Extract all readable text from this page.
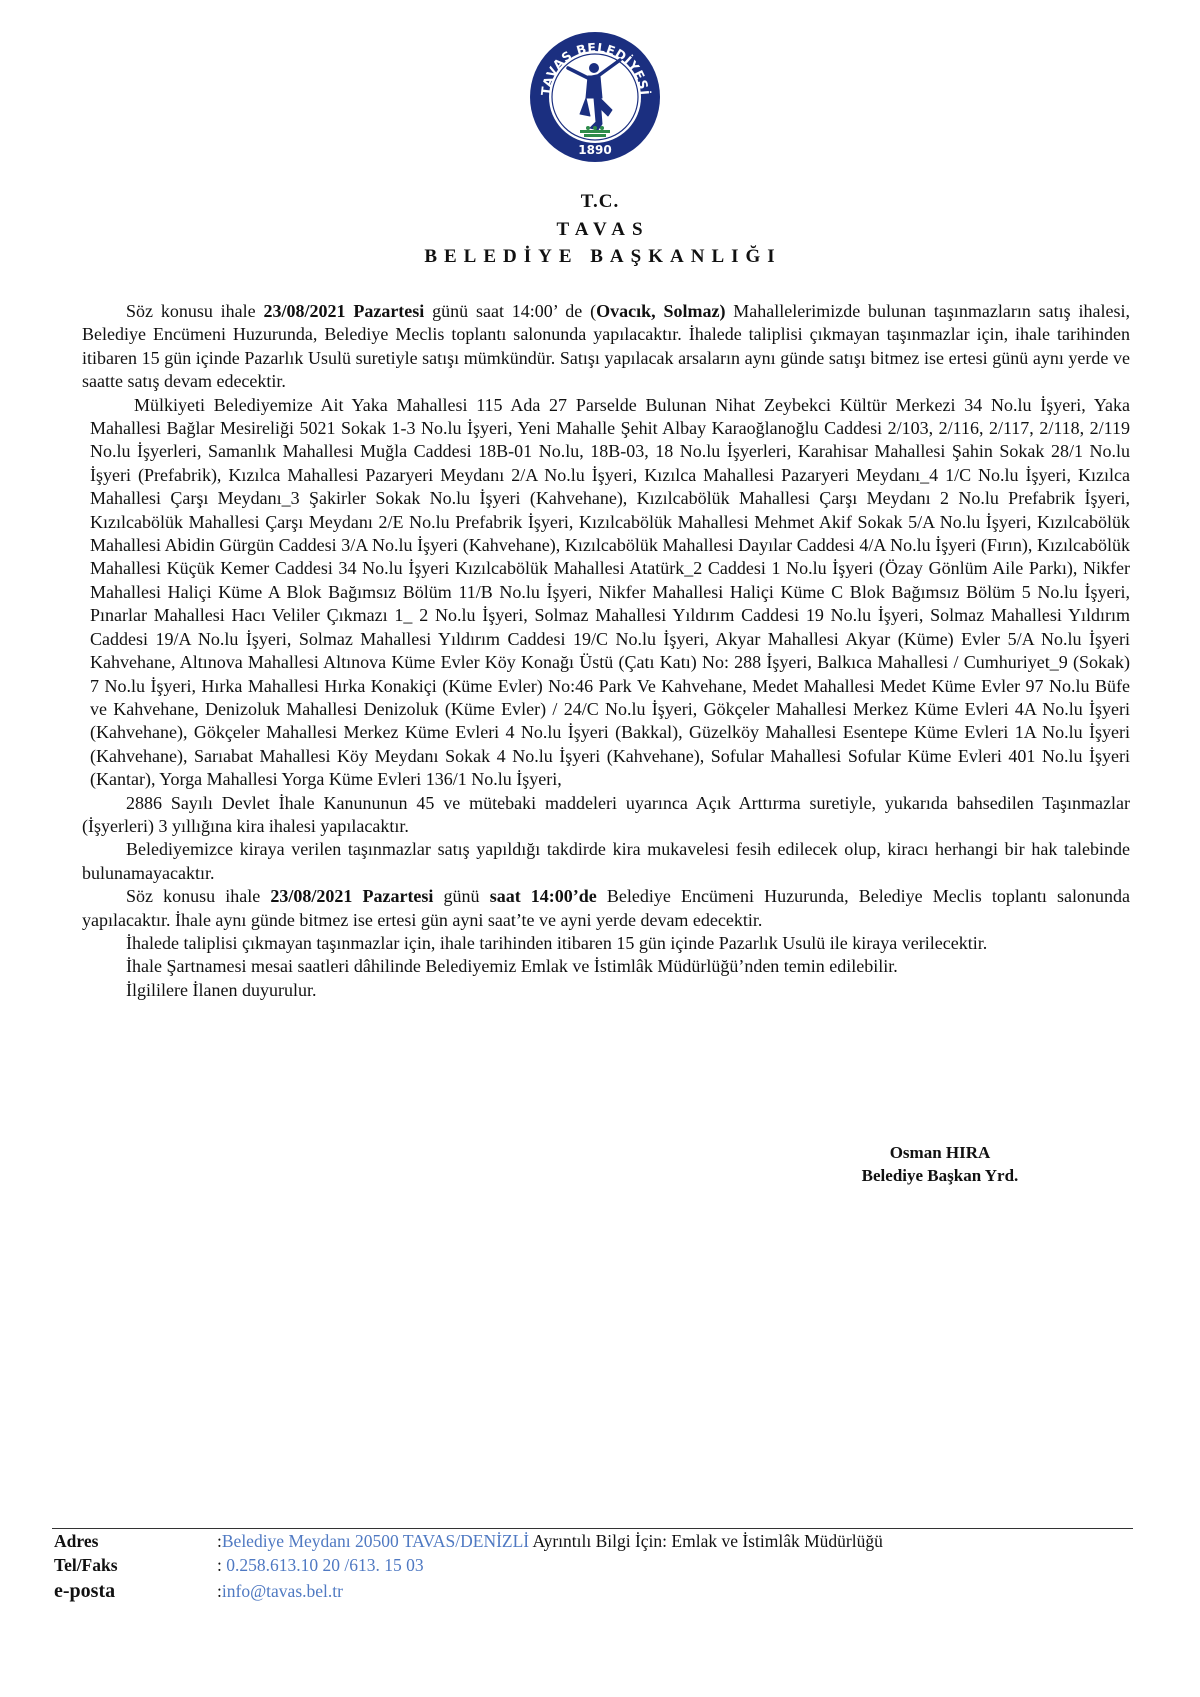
TAVAS BELEDİYESİ
1890
T.C.
TAVAS
BELEDİYE BAŞKANLIĞI

Söz konusu ihale 23/08/2021 Pazartesi günü saat 14:00’ de (Ovacık, Solmaz) Mahallelerimizde bulunan taşınmazların satış ihalesi, Belediye Encümeni Huzurunda, Belediye Meclis toplantı salonunda yapılacaktır. İhalede taliplisi çıkmayan taşınmazlar için, ihale tarihinden itibaren 15 gün içinde Pazarlık Usulü suretiyle satışı mümkündür. Satışı yapılacak arsaların aynı günde satışı bitmez ise ertesi günü aynı yerde ve saatte satış devam edecektir.

Mülkiyeti Belediyemize Ait Yaka Mahallesi 115 Ada 27 Parselde Bulunan Nihat Zeybekci Kültür Merkezi 34 No.lu İşyeri, Yaka Mahallesi Bağlar Mesireliği 5021 Sokak 1-3 No.lu İşyeri, Yeni Mahalle Şehit Albay Karaoğlanoğlu Caddesi 2/103, 2/116, 2/117, 2/118, 2/119 No.lu İşyerleri, Samanlık Mahallesi Muğla Caddesi 18B-01 No.lu, 18B-03, 18 No.lu İşyerleri, Karahisar Mahallesi Şahin Sokak 28/1 No.lu İşyeri (Prefabrik), Kızılca Mahallesi Pazaryeri Meydanı 2/A No.lu İşyeri, Kızılca Mahallesi Pazaryeri Meydanı_4 1/C No.lu İşyeri, Kızılca Mahallesi Çarşı Meydanı_3 Şakirler Sokak No.lu İşyeri (Kahvehane), Kızılcabölük Mahallesi Çarşı Meydanı 2 No.lu Prefabrik İşyeri, Kızılcabölük Mahallesi Çarşı Meydanı 2/E No.lu Prefabrik İşyeri, Kızılcabölük Mahallesi Mehmet Akif Sokak 5/A No.lu İşyeri, Kızılcabölük Mahallesi Abidin Gürgün Caddesi 3/A No.lu İşyeri (Kahvehane), Kızılcabölük Mahallesi Dayılar Caddesi 4/A No.lu İşyeri (Fırın), Kızılcabölük Mahallesi Küçük Kemer Caddesi 34 No.lu İşyeri Kızılcabölük Mahallesi Atatürk_2 Caddesi 1 No.lu İşyeri (Özay Gönlüm Aile Parkı), Nikfer Mahallesi Haliçi Küme A Blok Bağımsız Bölüm 11/B No.lu İşyeri, Nikfer Mahallesi Haliçi Küme C Blok Bağımsız Bölüm 5 No.lu İşyeri, Pınarlar Mahallesi Hacı Veliler Çıkmazı 1_ 2 No.lu İşyeri, Solmaz Mahallesi Yıldırım Caddesi 19 No.lu İşyeri, Solmaz Mahallesi Yıldırım Caddesi 19/A No.lu İşyeri, Solmaz Mahallesi Yıldırım Caddesi 19/C No.lu İşyeri, Akyar Mahallesi Akyar (Küme) Evler 5/A No.lu İşyeri Kahvehane, Altınova Mahallesi Altınova Küme Evler Köy Konağı Üstü (Çatı Katı) No: 288 İşyeri, Balkıca Mahallesi / Cumhuriyet_9 (Sokak) 7 No.lu İşyeri, Hırka Mahallesi Hırka Konakiçi (Küme Evler) No:46 Park Ve Kahvehane, Medet Mahallesi Medet Küme Evler 97 No.lu Büfe ve Kahvehane, Denizoluk Mahallesi Denizoluk (Küme Evler) / 24/C No.lu İşyeri, Gökçeler Mahallesi Merkez Küme Evleri 4A No.lu İşyeri (Kahvehane), Gökçeler Mahallesi Merkez Küme Evleri 4 No.lu İşyeri (Bakkal), Güzelköy Mahallesi Esentepe Küme Evleri 1A No.lu İşyeri (Kahvehane), Sarıabat Mahallesi Köy Meydanı Sokak 4 No.lu İşyeri (Kahvehane), Sofular Mahallesi Sofular Küme Evleri 401 No.lu İşyeri (Kantar), Yorga Mahallesi Yorga Küme Evleri 136/1 No.lu İşyeri,

2886 Sayılı Devlet İhale Kanununun 45 ve mütebaki maddeleri uyarınca Açık Arttırma suretiyle, yukarıda bahsedilen Taşınmazlar (İşyerleri) 3 yıllığına kira ihalesi yapılacaktır.

Belediyemizce kiraya verilen taşınmazlar satış yapıldığı takdirde kira mukavelesi fesih edilecek olup, kiracı herhangi bir hak talebinde bulunamayacaktır.

Söz konusu ihale 23/08/2021 Pazartesi günü saat 14:00’de Belediye Encümeni Huzurunda, Belediye Meclis toplantı salonunda yapılacaktır. İhale aynı günde bitmez ise ertesi gün ayni saat’te ve ayni yerde devam edecektir.

İhalede taliplisi çıkmayan taşınmazlar için, ihale tarihinden itibaren 15 gün içinde Pazarlık Usulü ile kiraya verilecektir.

İhale Şartnamesi mesai saatleri dâhilinde Belediyemiz Emlak ve İstimlâk Müdürlüğü’nden temin edilebilir.

İlgililere İlanen duyurulur.

Osman HIRA
Belediye Başkan Yrd.
Adres	:Belediye Meydanı 20500 TAVAS/DENİZLİ Ayrıntılı Bilgi İçin: Emlak ve İstimlâk Müdürlüğü
Tel/Faks	: 0.258.613.10 20 /613. 15 03
e-posta	:info@tavas.bel.tr
